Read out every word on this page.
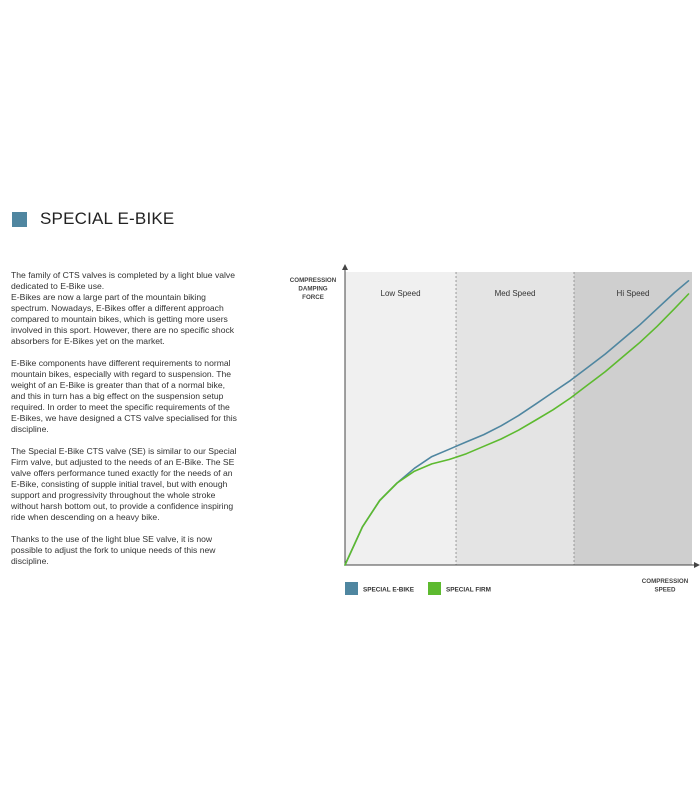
SPECIAL E-BIKE

The family of CTS valves is completed by a light blue valve dedicated to E-Bike use.
E-Bikes are now a large part of the mountain biking spectrum. Nowadays, E-Bikes offer a different approach compared to mountain bikes, which is getting more users involved in this sport. However, there are no specific shock absorbers for E-Bikes yet on the market.

E-Bike components have different requirements to normal mountain bikes, especially with regard to suspension. The weight of an E-Bike is greater than that of a normal bike, and this in turn has a big effect on the suspension setup required. In order to meet the specific requirements of the E-Bikes, we have designed a CTS valve specialised for this discipline.

The Special E-Bike CTS valve (SE) is similar to our Special Firm valve, but adjusted to the needs of an E-Bike. The SE valve offers performance tuned exactly for the needs of an E-Bike, consisting of supple initial travel, but with enough support and progressivity throughout the whole stroke without harsh bottom out, to provide a confidence inspiring ride when descending on a heavy bike.

Thanks to the use of the light blue SE valve, it is now possible to adjust the fork to unique needs of this new discipline.

Low Speed	Med Speed	Hi Speed
COMPRESSION
DAMPING
FORCE
COMPRESSION
SPEED
SPECIAL E-BIKE	SPECIAL FIRM
